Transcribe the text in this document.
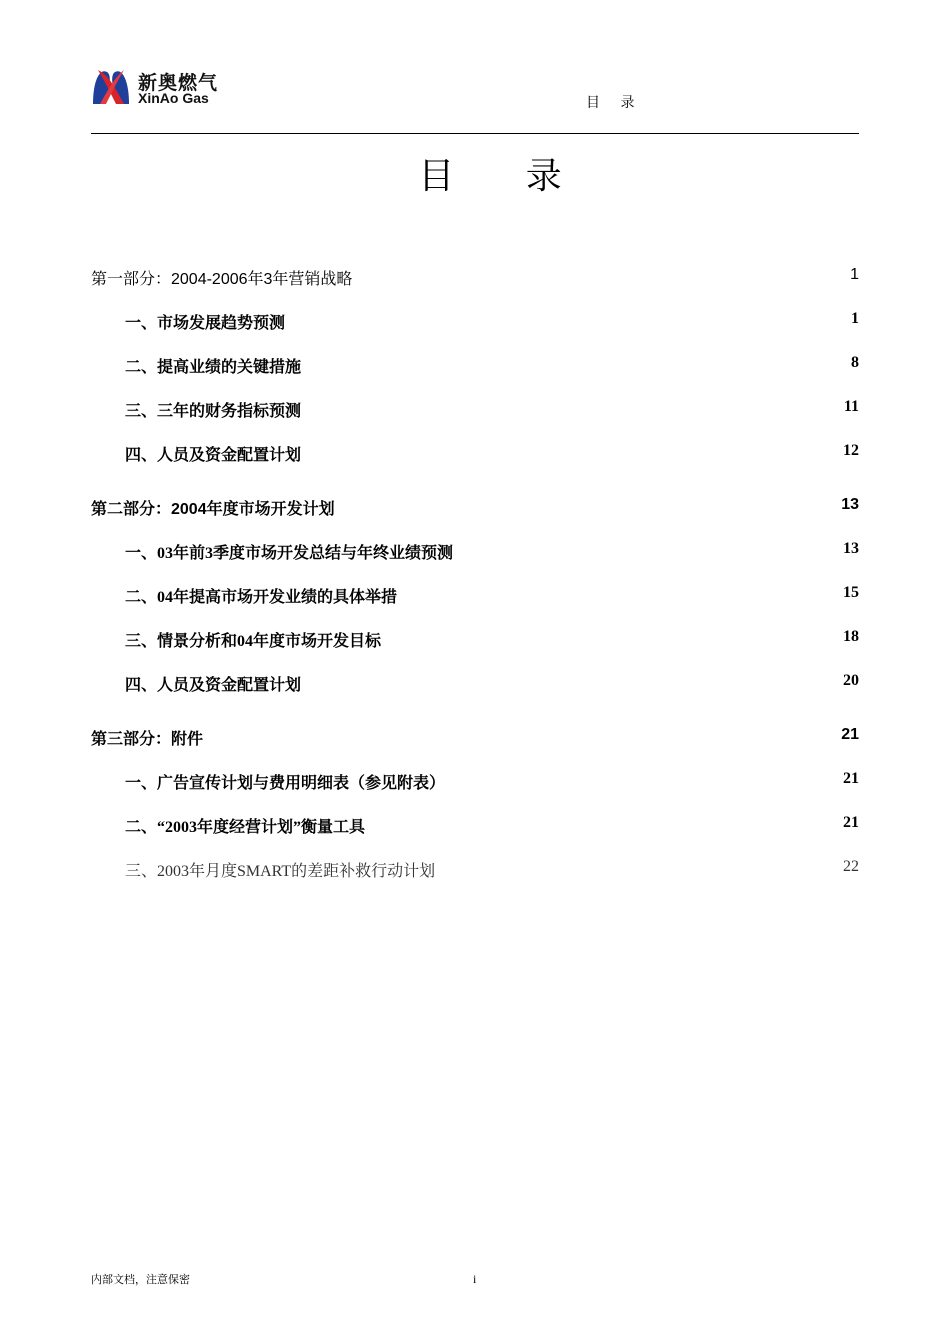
新奥燃气
XinAo Gas	目 录
目 录
第一部分：2004-2006年3年营销战略	1
一、市场发展趋势预测	1
二、提高业绩的关键措施	8
三、三年的财务指标预测	11
四、人员及资金配置计划	12
第二部分：2004年度市场开发计划	13
一、03年前3季度市场开发总结与年终业绩预测	13
二、04年提高市场开发业绩的具体举措	15
三、情景分析和04年度市场开发目标	18
四、人员及资金配置计划	20
第三部分：附件	21
一、广告宣传计划与费用明细表（参见附表）	21
二、“2003年度经营计划”衡量工具	21
三、2003年月度SMART的差距补救行动计划	22
内部文档，注意保密	i
